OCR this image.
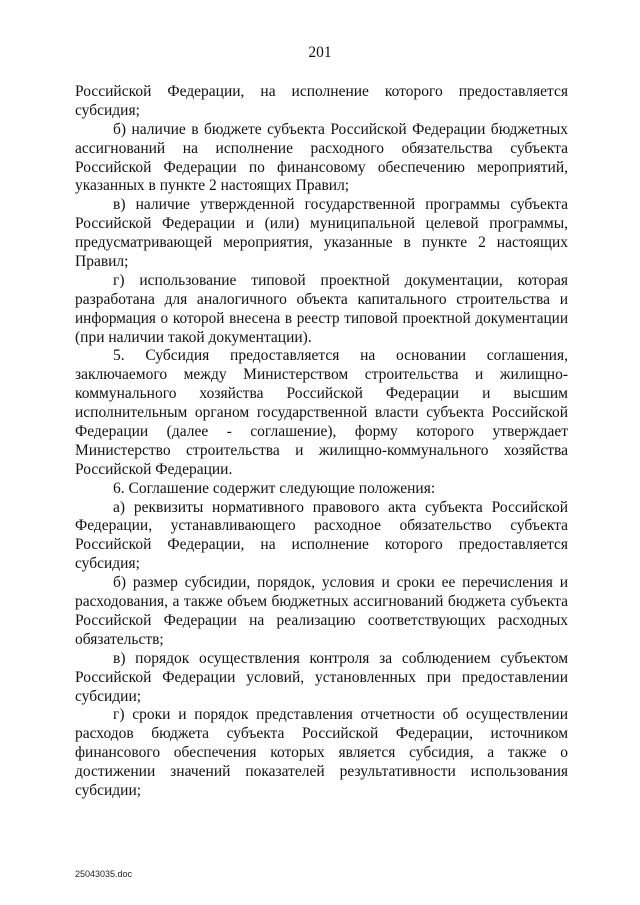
201
Российской Федерации, на исполнение которого предоставляется
субсидия;
б) наличие в бюджете субъекта Российской Федерации бюджетных
ассигнований на исполнение расходного обязательства субъекта
Российской Федерации по финансовому обеспечению мероприятий,
указанных в пункте 2 настоящих Правил;
в) наличие утвержденной государственной программы субъекта
Российской Федерации и (или) муниципальной целевой программы,
предусматривающей мероприятия, указанные в пункте 2 настоящих
Правил;
г) использование типовой проектной документации, которая
разработана для аналогичного объекта капитального строительства и
информация о которой внесена в реестр типовой проектной документации
(при наличии такой документации).
5. Субсидия предоставляется на основании соглашения,
заключаемого между Министерством строительства и жилищно-
коммунального хозяйства Российской Федерации и высшим
исполнительным органом государственной власти субъекта Российской
Федерации (далее - соглашение), форму которого утверждает
Министерство строительства и жилищно-коммунального хозяйства
Российской Федерации.
6. Соглашение содержит следующие положения:
а) реквизиты нормативного правового акта субъекта Российской
Федерации, устанавливающего расходное обязательство субъекта
Российской Федерации, на исполнение которого предоставляется
субсидия;
б) размер субсидии, порядок, условия и сроки ее перечисления и
расходования, а также объем бюджетных ассигнований бюджета субъекта
Российской Федерации на реализацию соответствующих расходных
обязательств;
в) порядок осуществления контроля за соблюдением субъектом
Российской Федерации условий, установленных при предоставлении
субсидии;
г) сроки и порядок представления отчетности об осуществлении
расходов бюджета субъекта Российской Федерации, источником
финансового обеспечения которых является субсидия, а также о
достижении значений показателей результативности использования
субсидии;
25043035.doc
